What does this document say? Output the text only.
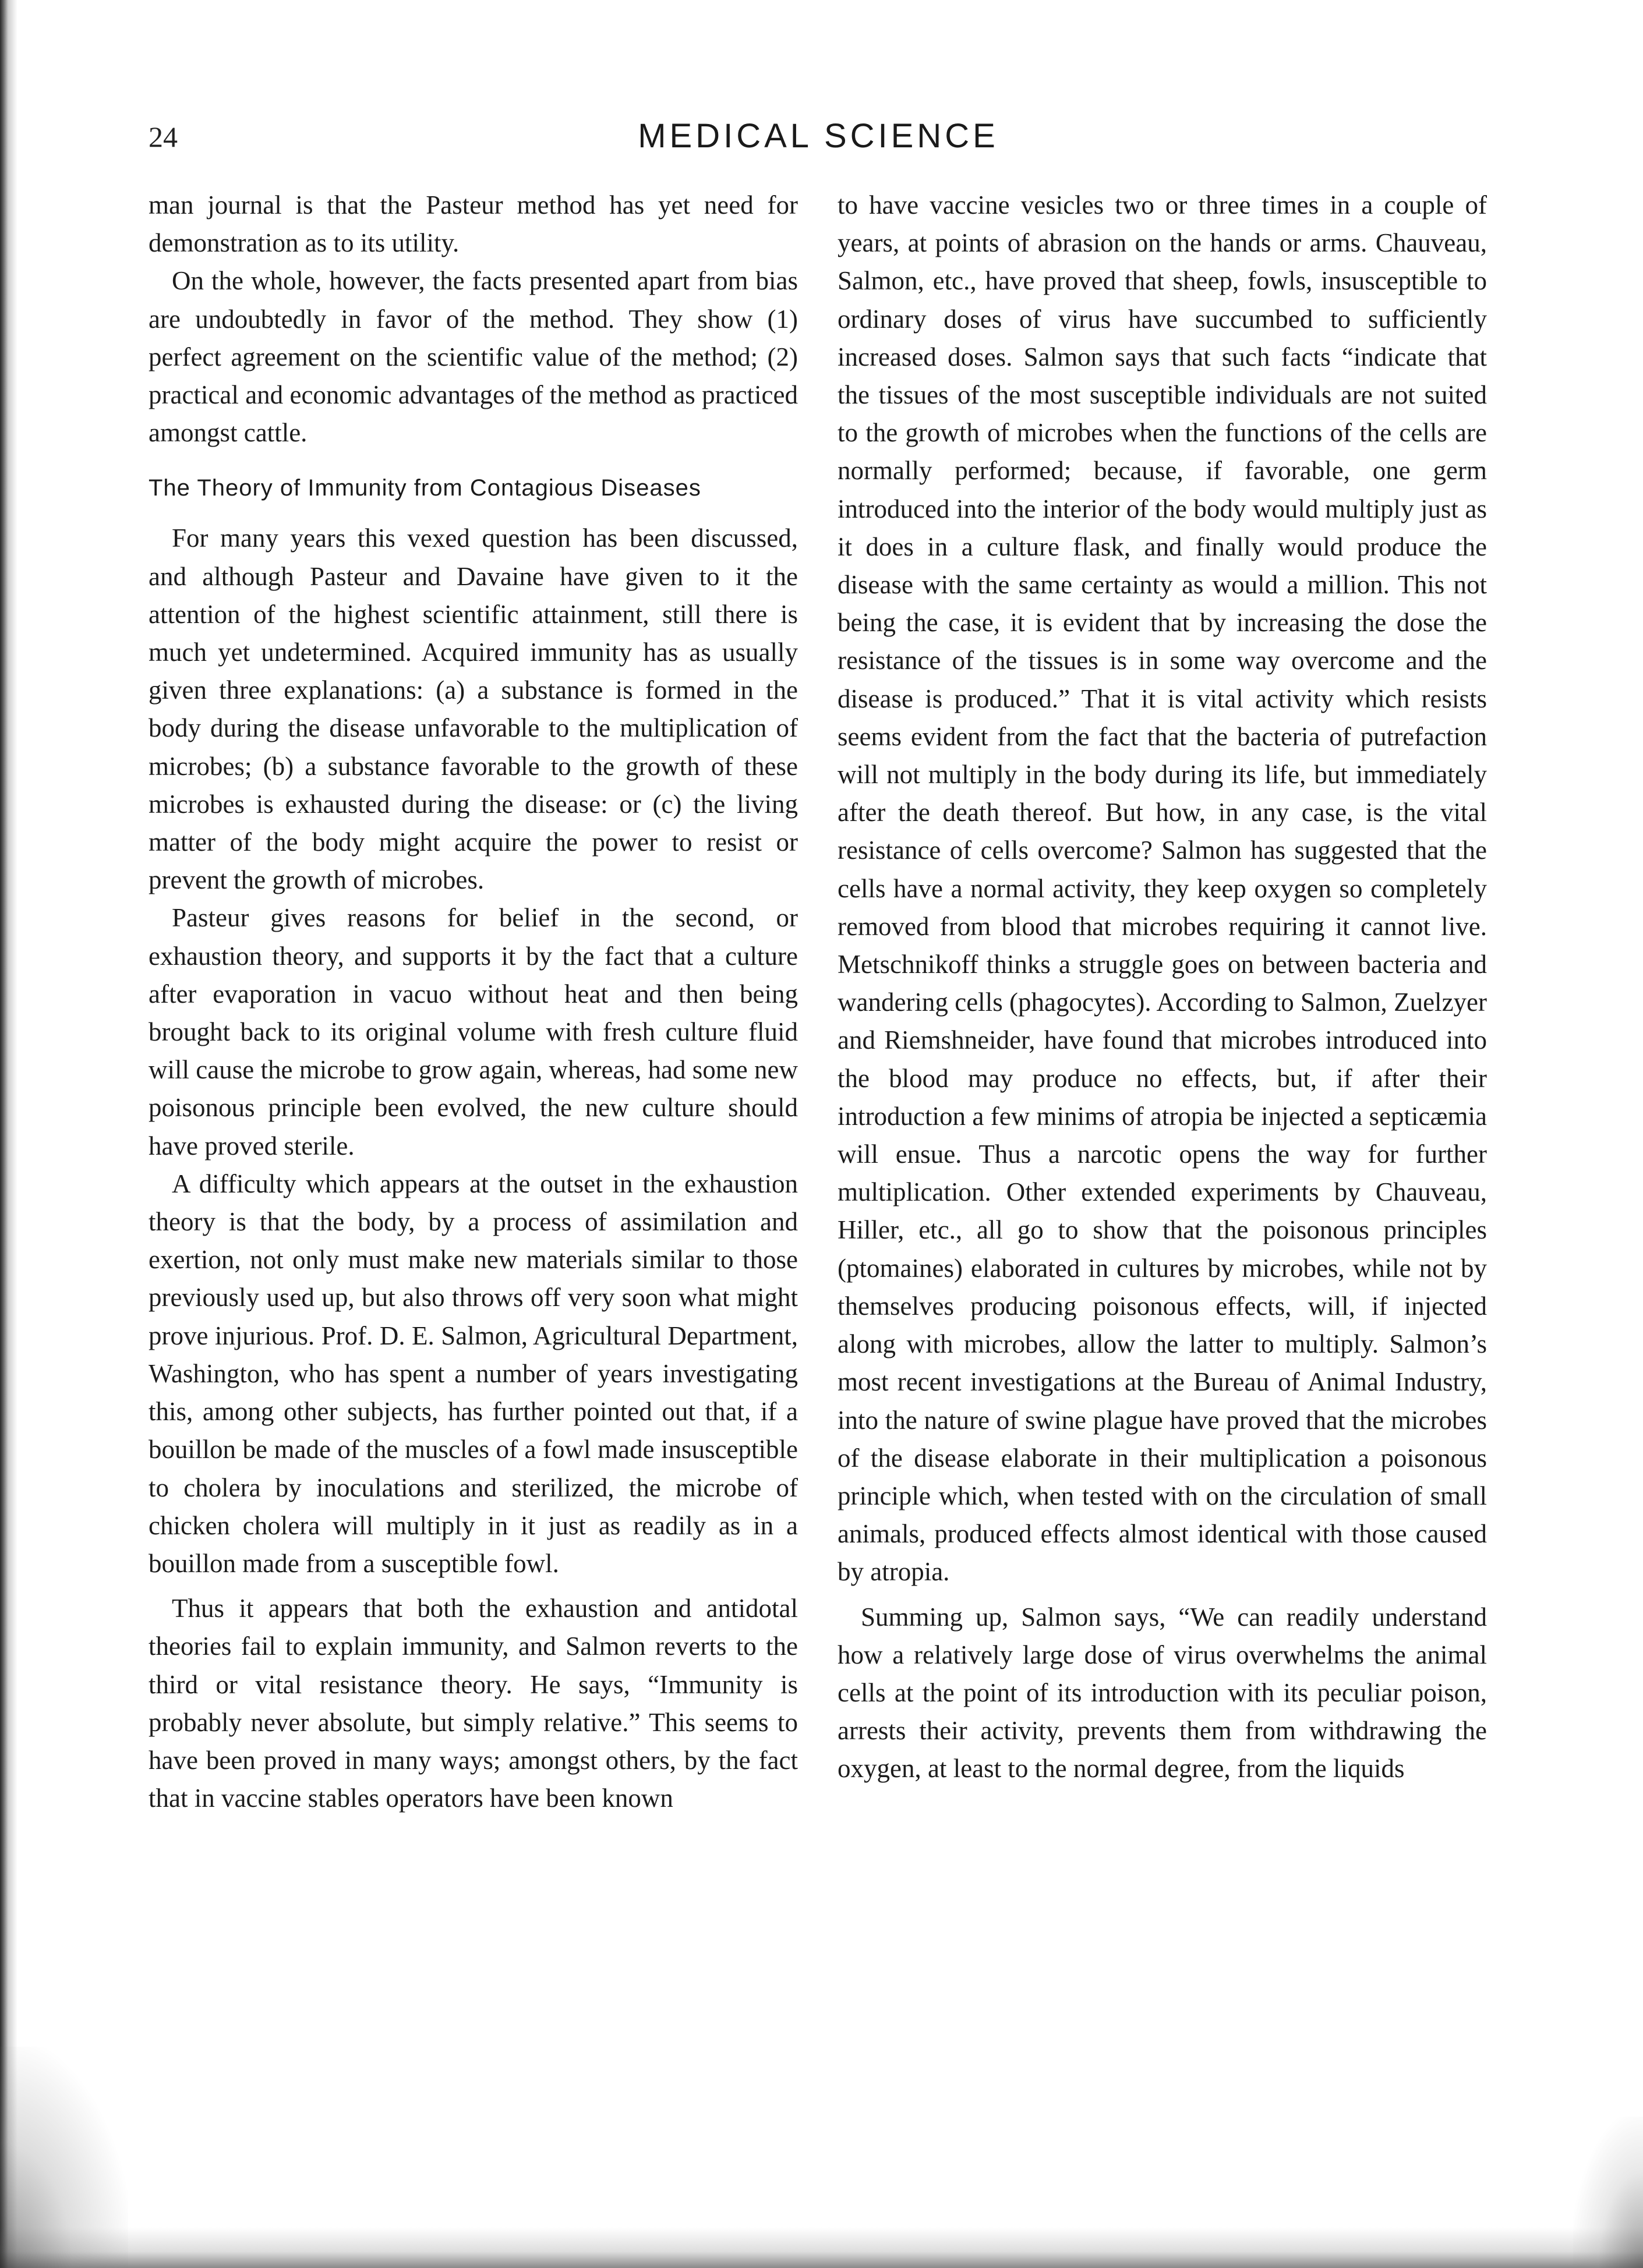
24	MEDICAL SCIENCE

man journal is that the Pasteur method has yet need for demonstration as to its utility.

On the whole, however, the facts presented apart from bias are undoubtedly in favor of the method. They show (1) perfect agreement on the scientific value of the method; (2) practical and economic advantages of the method as practiced amongst cattle.

The Theory of Immunity from Contagious Diseases

For many years this vexed question has been discussed, and although Pasteur and Davaine have given to it the attention of the highest scientific attainment, still there is much yet undetermined. Acquired immunity has as usually given three explanations: (a) a substance is formed in the body during the disease unfavorable to the multiplication of microbes; (b) a substance favorable to the growth of these microbes is exhausted during the disease: or (c) the living matter of the body might acquire the power to resist or prevent the growth of microbes.

Pasteur gives reasons for belief in the second, or exhaustion theory, and supports it by the fact that a culture after evaporation in vacuo without heat and then being brought back to its original volume with fresh culture fluid will cause the microbe to grow again, whereas, had some new poisonous principle been evolved, the new culture should have proved sterile.

A difficulty which appears at the outset in the exhaustion theory is that the body, by a process of assimilation and exertion, not only must make new materials similar to those previously used up, but also throws off very soon what might prove injurious. Prof. D. E. Salmon, Agricultural Department, Washington, who has spent a number of years investigating this, among other subjects, has further pointed out that, if a bouillon be made of the muscles of a fowl made insusceptible to cholera by inoculations and sterilized, the microbe of chicken cholera will multiply in it just as readily as in a bouillon made from a susceptible fowl.

Thus it appears that both the exhaustion and antidotal theories fail to explain immunity, and Salmon reverts to the third or vital resistance theory. He says, “Immunity is probably never absolute, but simply relative.” This seems to have been proved in many ways; amongst others, by the fact that in vaccine stables operators have been known

to have vaccine vesicles two or three times in a couple of years, at points of abrasion on the hands or arms. Chauveau, Salmon, etc., have proved that sheep, fowls, insusceptible to ordinary doses of virus have succumbed to sufficiently increased doses. Salmon says that such facts “indicate that the tissues of the most susceptible individuals are not suited to the growth of microbes when the functions of the cells are normally performed; because, if favorable, one germ introduced into the interior of the body would multiply just as it does in a culture flask, and finally would produce the disease with the same certainty as would a million. This not being the case, it is evident that by increasing the dose the resistance of the tissues is in some way overcome and the disease is produced.” That it is vital activity which resists seems evident from the fact that the bacteria of putrefaction will not multiply in the body during its life, but immediately after the death thereof. But how, in any case, is the vital resistance of cells overcome? Salmon has suggested that the cells have a normal activity, they keep oxygen so completely removed from blood that microbes requiring it cannot live. Metschnikoff thinks a struggle goes on between bacteria and wandering cells (phagocytes). According to Salmon, Zuelzyer and Riemshneider, have found that microbes introduced into the blood may produce no effects, but, if after their introduction a few minims of atropia be injected a septicæmia will ensue. Thus a narcotic opens the way for further multiplication. Other extended experiments by Chauveau, Hiller, etc., all go to show that the poisonous principles (ptomaines) elaborated in cultures by microbes, while not by themselves producing poisonous effects, will, if injected along with microbes, allow the latter to multiply. Salmon’s most recent investigations at the Bureau of Animal Industry, into the nature of swine plague have proved that the microbes of the disease elaborate in their multiplication a poisonous principle which, when tested with on the circulation of small animals, produced effects almost identical with those caused by atropia.

Summing up, Salmon says, “We can readily understand how a relatively large dose of virus overwhelms the animal cells at the point of its introduction with its peculiar poison, arrests their activity, prevents them from withdrawing the oxygen, at least to the normal degree, from the liquids
